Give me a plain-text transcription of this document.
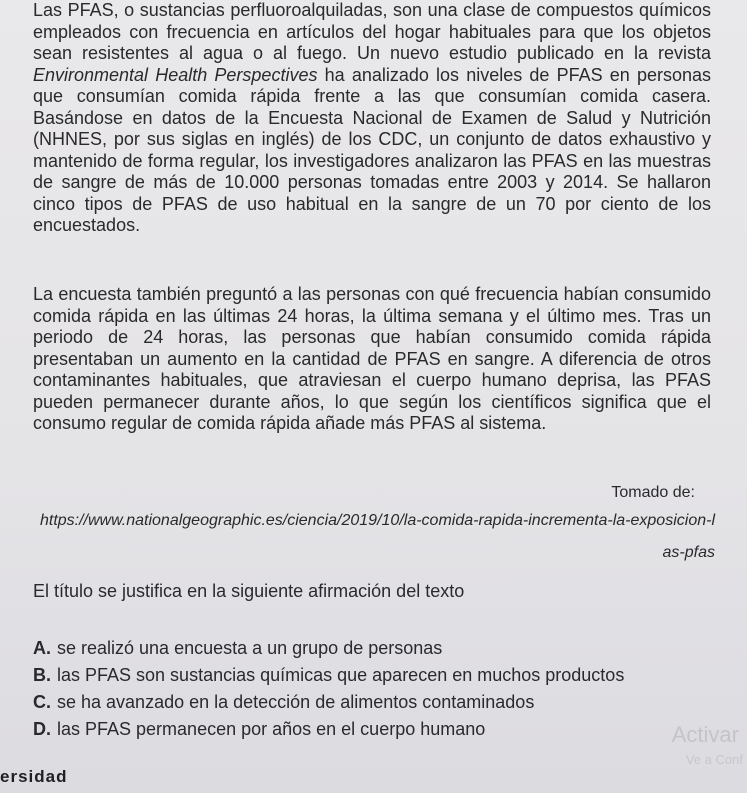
Las PFAS, o sustancias perfluoroalquiladas, son una clase de compuestos químicos empleados con frecuencia en artículos del hogar habituales para que los objetos sean resistentes al agua o al fuego. Un nuevo estudio publicado en la revista Environmental Health Perspectives ha analizado los niveles de PFAS en personas que consumían comida rápida frente a las que consumían comida casera. Basándose en datos de la Encuesta Nacional de Examen de Salud y Nutrición (NHNES, por sus siglas en inglés) de los CDC, un conjunto de datos exhaustivo y mantenido de forma regular, los investigadores analizaron las PFAS en las muestras de sangre de más de 10.000 personas tomadas entre 2003 y 2014. Se hallaron cinco tipos de PFAS de uso habitual en la sangre de un 70 por ciento de los encuestados.

La encuesta también preguntó a las personas con qué frecuencia habían consumido comida rápida en las últimas 24 horas, la última semana y el último mes. Tras un periodo de 24 horas, las personas que habían consumido comida rápida presentaban un aumento en la cantidad de PFAS en sangre. A diferencia de otros contaminantes habituales, que atraviesan el cuerpo humano deprisa, las PFAS pueden permanecer durante años, lo que según los científicos significa que el consumo regular de comida rápida añade más PFAS al sistema.

Tomado de:

https://www.nationalgeographic.es/ciencia/2019/10/la-comida-rapida-incrementa-la-exposicion-las-pfas

El título se justifica en la siguiente afirmación del texto
A. se realizó una encuesta a un grupo de personas
B. las PFAS son sustancias químicas que aparecen en muchos productos
C. se ha avanzado en la detección de alimentos contaminados
D. las PFAS permanecen por años en el cuerpo humano	Activar
Ve a Conf
ersidad
